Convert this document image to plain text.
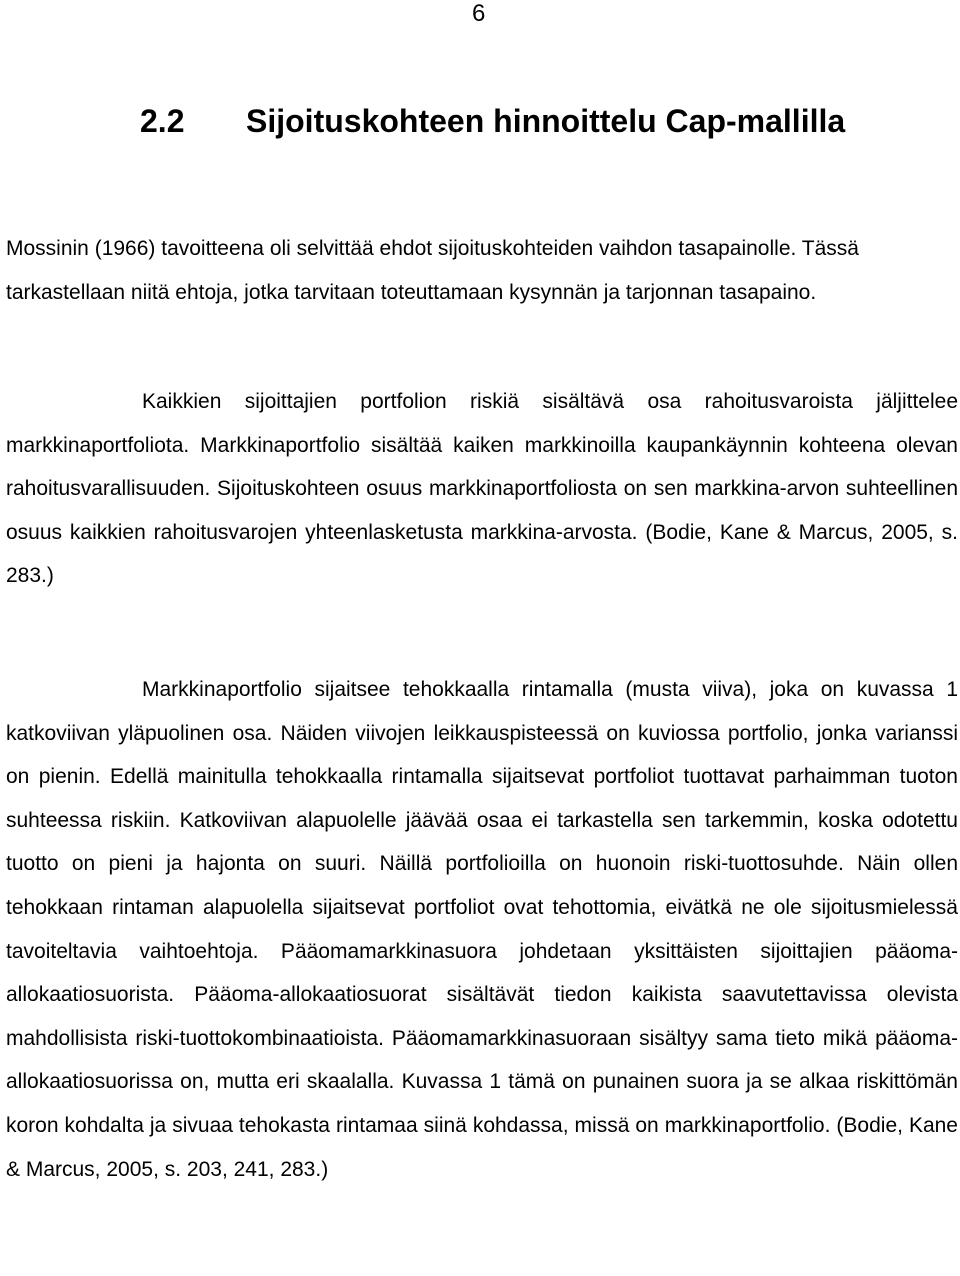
6
2.2 Sijoituskohteen hinnoittelu Cap-mallilla

Mossinin (1966) tavoitteena oli selvittää ehdot sijoituskohteiden vaihdon tasapainolle. Tässä tarkastellaan niitä ehtoja, jotka tarvitaan toteuttamaan kysynnän ja tarjonnan tasapaino.

Kaikkien sijoittajien portfolion riskiä sisältävä osa rahoitusvaroista jäljittelee markkinaportfoliota. Markkinaportfolio sisältää kaiken markkinoilla kaupankäynnin kohteena olevan rahoitusvarallisuuden. Sijoituskohteen osuus markkinaportfoliosta on sen markkina-arvon suhteellinen osuus kaikkien rahoitusvarojen yhteenlasketusta markkina-arvosta. (Bodie, Kane & Marcus, 2005, s. 283.)

Markkinaportfolio sijaitsee tehokkaalla rintamalla (musta viiva), joka on kuvassa 1 katkoviivan yläpuolinen osa. Näiden viivojen leikkauspisteessä on kuviossa portfolio, jonka varianssi on pienin. Edellä mainitulla tehokkaalla rintamalla sijaitsevat portfoliot tuottavat parhaimman tuoton suhteessa riskiin. Katkoviivan alapuolelle jäävää osaa ei tarkastella sen tarkemmin, koska odotettu tuotto on pieni ja hajonta on suuri. Näillä portfolioilla on huonoin riski-tuottosuhde. Näin ollen tehokkaan rintaman alapuolella sijaitsevat portfoliot ovat tehottomia, eivätkä ne ole sijoitusmielessä tavoiteltavia vaihtoehtoja. Pääomamarkkinasuora johdetaan yksittäisten sijoittajien pääoma-allokaatiosuorista. Pääoma-allokaatiosuorat sisältävät tiedon kaikista saavutettavissa olevista mahdollisista riski-tuottokombinaatioista. Pääomamarkkinasuoraan sisältyy sama tieto mikä pääoma-allokaatiosuorissa on, mutta eri skaalalla. Kuvassa 1 tämä on punainen suora ja se alkaa riskittömän koron kohdalta ja sivuaa tehokasta rintamaa siinä kohdassa, missä on markkinaportfolio. (Bodie, Kane & Marcus, 2005, s. 203, 241, 283.)
